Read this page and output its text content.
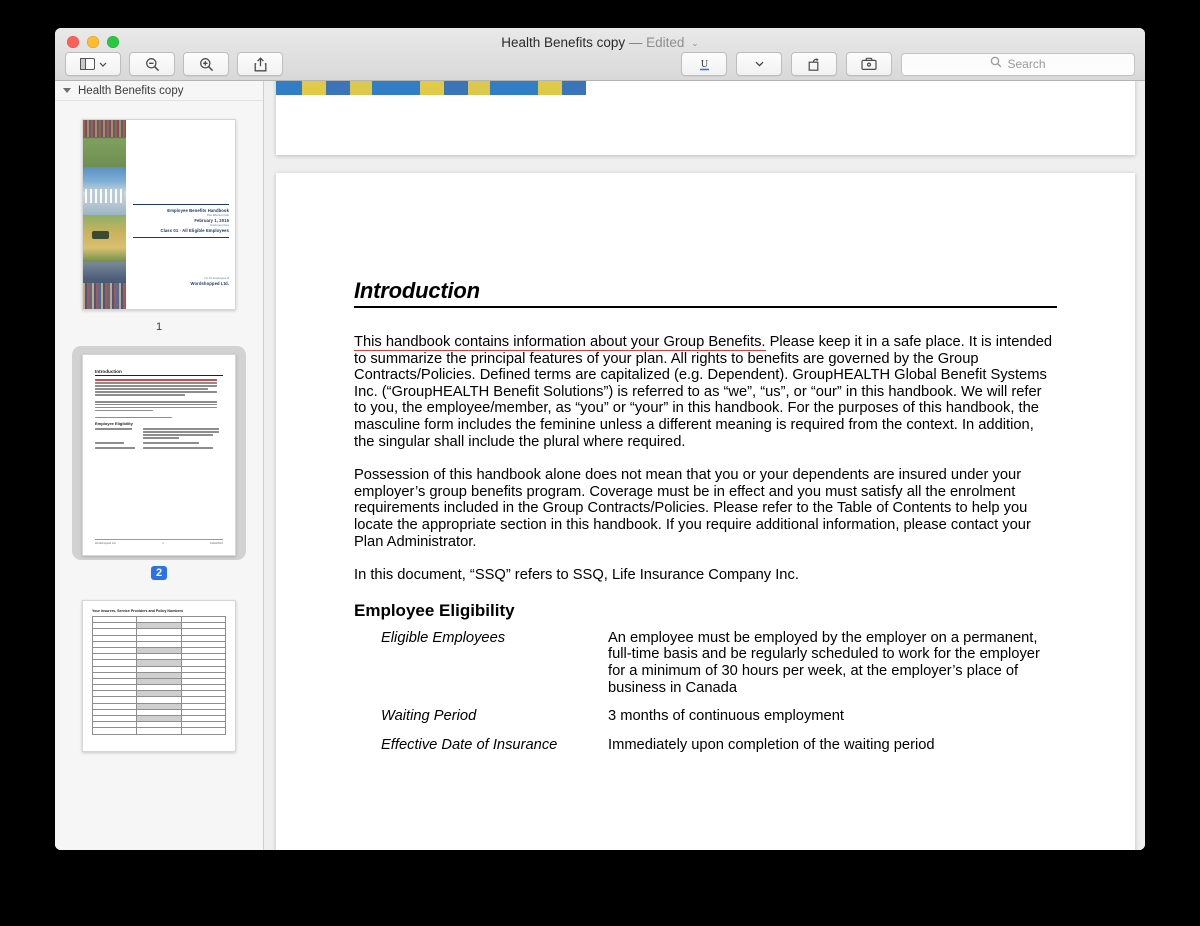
Health Benefits copy — Edited ⌄
U	Search
Health Benefits copy
Employee Benefits Handbook
Plan Effective Date
February 1, 2015
Employee Class
Class 01 - All Eligible Employees
For the Employees of
Wordshopped Ltd.
1
Introduction
Employee Eligibility
Wordshopped Ltd.	2	01/02/2015
2
Your Insurers, Service Providers and Policy Numbers

Introduction

This handbook contains information about your Group Benefits. Please keep it in a safe place. It is intended to summarize the principal features of your plan. All rights to benefits are governed by the Group Contracts/Policies. Defined terms are capitalized (e.g. Dependent). GroupHEALTH Global Benefit Systems Inc. (“GroupHEALTH Benefit Solutions”) is referred to as “we”, “us”, or “our” in this handbook. We will refer to you, the employee/member, as “you” or “your” in this handbook. For the purposes of this handbook, the masculine form includes the feminine unless a different meaning is required from the context. In addition, the singular shall include the plural where required.

Possession of this handbook alone does not mean that you or your dependents are insured under your employer’s group benefits program. Coverage must be in effect and you must satisfy all the enrolment requirements included in the Group Contracts/Policies. Please refer to the Table of Contents to help you locate the appropriate section in this handbook. If you require additional information, please contact your Plan Administrator.

In this document, “SSQ” refers to SSQ, Life Insurance Company Inc.

Employee Eligibility
Eligible Employees	An employee must be employed by the employer on a permanent, full-time basis and be regularly scheduled to work for the employer for a minimum of 30 hours per week, at the employer’s place of business in Canada
Waiting Period	3 months of continuous employment
Effective Date of Insurance	Immediately upon completion of the waiting period
